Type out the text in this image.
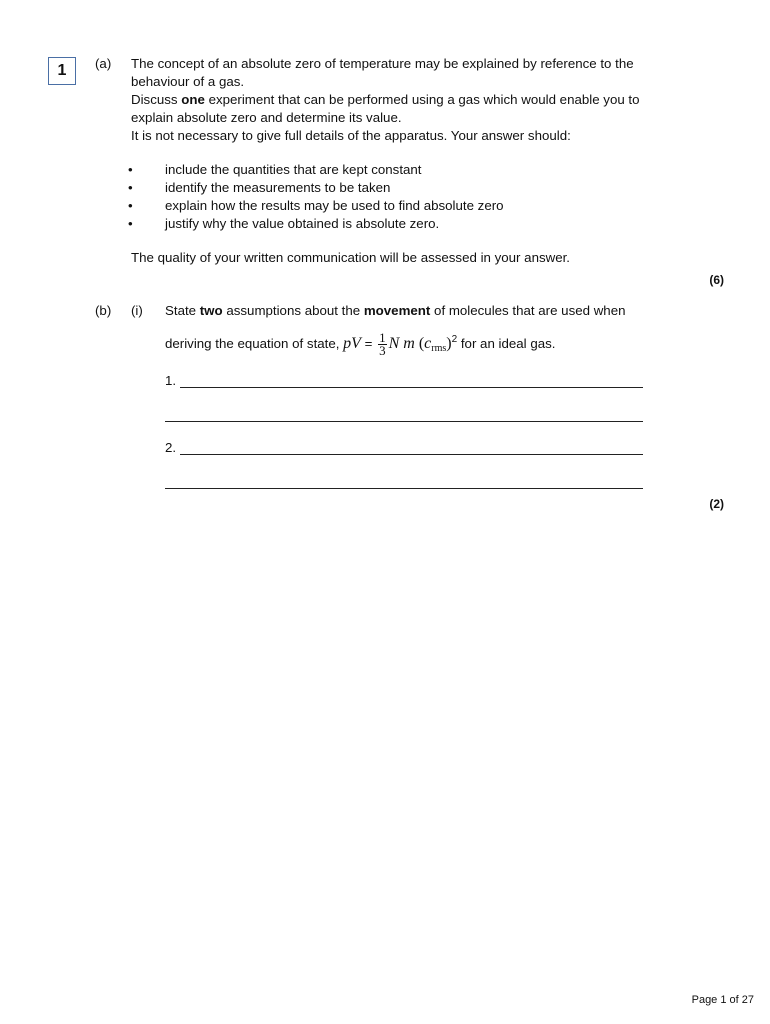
1	(a) The concept of an absolute zero of temperature may be explained by reference to the
behaviour of a gas.
Discuss one experiment that can be performed using a gas which would enable you to
explain absolute zero and determine its value.
It is not necessary to give full details of the apparatus. Your answer should:
• include the quantities that are kept constant
• identify the measurements to be taken
• explain how the results may be used to find absolute zero
• justify why the value obtained is absolute zero.
The quality of your written communication will be assessed in your answer.
(6)
(b) (i) State two assumptions about the movement of molecules that are used when
deriving the equation of state, pV = $\frac{1}{3}$ N m $(c_{rms})^2$ for an ideal gas.
1.
2.
(2)
Page 1 of 27
